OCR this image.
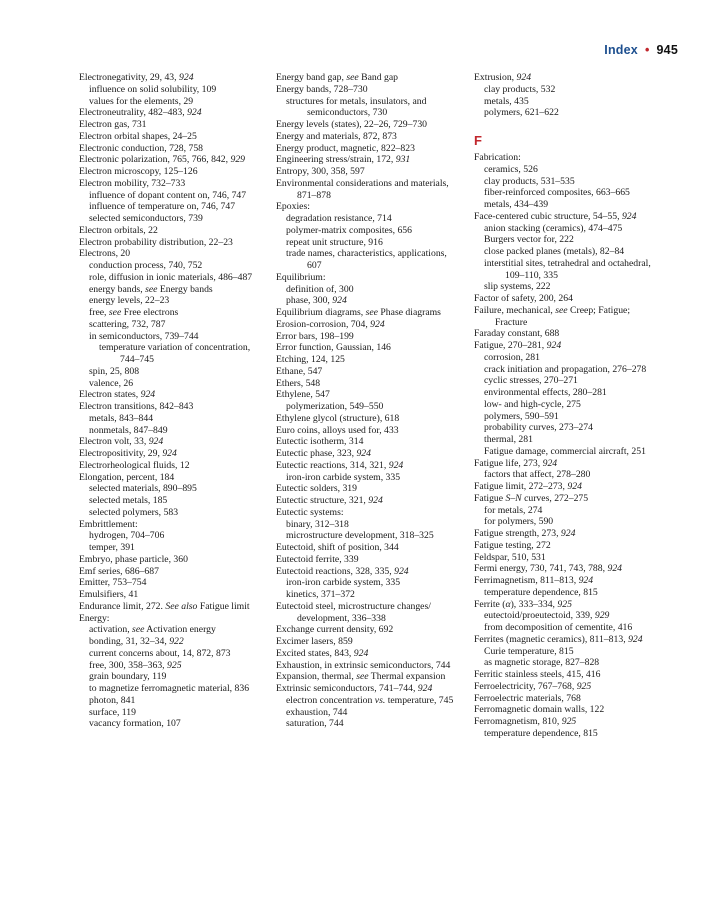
Index • 945
Electronegativity, 29, 43, 924
influence on solid solubility, 109
values for the elements, 29
Electroneutrality, 482–483, 924
Electron gas, 731
Electron orbital shapes, 24–25
Electronic conduction, 728, 758
Electronic polarization, 765, 766, 842, 929
Electron microscopy, 125–126
Electron mobility, 732–733
influence of dopant content on, 746, 747
influence of temperature on, 746, 747
selected semiconductors, 739
Electron orbitals, 22
Electron probability distribution, 22–23
Electrons, 20
conduction process, 740, 752
role, diffusion in ionic materials, 486–487
energy bands, see Energy bands
energy levels, 22–23
free, see Free electrons
scattering, 732, 787
in semiconductors, 739–744
temperature variation of concentration, 744–745
spin, 25, 808
valence, 26
Electron states, 924
Electron transitions, 842–843
metals, 843–844
nonmetals, 847–849
Electron volt, 33, 924
Electropositivity, 29, 924
Electrorheological fluids, 12
Elongation, percent, 184
selected materials, 890–895
selected metals, 185
selected polymers, 583
Embrittlement:
hydrogen, 704–706
temper, 391
Embryo, phase particle, 360
Emf series, 686–687
Emitter, 753–754
Emulsifiers, 41
Endurance limit, 272. See also Fatigue limit
Energy:
activation, see Activation energy
bonding, 31, 32–34, 922
current concerns about, 14, 872, 873
free, 300, 358–363, 925
grain boundary, 119
to magnetize ferromagnetic material, 836
photon, 841
surface, 119
vacancy formation, 107
Energy band gap, see Band gap
Energy bands, 728–730
structures for metals, insulators, and semiconductors, 730
Energy levels (states), 22–26, 729–730
Energy and materials, 872, 873
Energy product, magnetic, 822–823
Engineering stress/strain, 172, 931
Entropy, 300, 358, 597
Environmental considerations and materials, 871–878
Epoxies:
degradation resistance, 714
polymer-matrix composites, 656
repeat unit structure, 916
trade names, characteristics, applications, 607
Equilibrium:
definition of, 300
phase, 300, 924
Equilibrium diagrams, see Phase diagrams
Erosion-corrosion, 704, 924
Error bars, 198–199
Error function, Gaussian, 146
Etching, 124, 125
Ethane, 547
Ethers, 548
Ethylene, 547
polymerization, 549–550
Ethylene glycol (structure), 618
Euro coins, alloys used for, 433
Eutectic isotherm, 314
Eutectic phase, 323, 924
Eutectic reactions, 314, 321, 924
iron-iron carbide system, 335
Eutectic solders, 319
Eutectic structure, 321, 924
Eutectic systems:
binary, 312–318
microstructure development, 318–325
Eutectoid, shift of position, 344
Eutectoid ferrite, 339
Eutectoid reactions, 328, 335, 924
iron-iron carbide system, 335
kinetics, 371–372
Eutectoid steel, microstructure changes/ development, 336–338
Exchange current density, 692
Excimer lasers, 859
Excited states, 843, 924
Exhaustion, in extrinsic semiconductors, 744
Expansion, thermal, see Thermal expansion
Extrinsic semiconductors, 741–744, 924
electron concentration vs. temperature, 745
exhaustion, 744
saturation, 744
Extrusion, 924
clay products, 532
metals, 435
polymers, 621–622
F
Fabrication:
ceramics, 526
clay products, 531–535
fiber-reinforced composites, 663–665
metals, 434–439
Face-centered cubic structure, 54–55, 924
anion stacking (ceramics), 474–475
Burgers vector for, 222
close packed planes (metals), 82–84
interstitial sites, tetrahedral and octahedral, 109–110, 335
slip systems, 222
Factor of safety, 200, 264
Failure, mechanical, see Creep; Fatigue; Fracture
Faraday constant, 688
Fatigue, 270–281, 924
corrosion, 281
crack initiation and propagation, 276–278
cyclic stresses, 270–271
environmental effects, 280–281
low- and high-cycle, 275
polymers, 590–591
probability curves, 273–274
thermal, 281
Fatigue damage, commercial aircraft, 251
Fatigue life, 273, 924
factors that affect, 278–280
Fatigue limit, 272–273, 924
Fatigue S–N curves, 272–275
for metals, 274
for polymers, 590
Fatigue strength, 273, 924
Fatigue testing, 272
Feldspar, 510, 531
Fermi energy, 730, 741, 743, 788, 924
Ferrimagnetism, 811–813, 924
temperature dependence, 815
Ferrite (α), 333–334, 925
eutectoid/proeutectoid, 339, 929
from decomposition of cementite, 416
Ferrites (magnetic ceramics), 811–813, 924
Curie temperature, 815
as magnetic storage, 827–828
Ferritic stainless steels, 415, 416
Ferroelectricity, 767–768, 925
Ferroelectric materials, 768
Ferromagnetic domain walls, 122
Ferromagnetism, 810, 925
temperature dependence, 815
